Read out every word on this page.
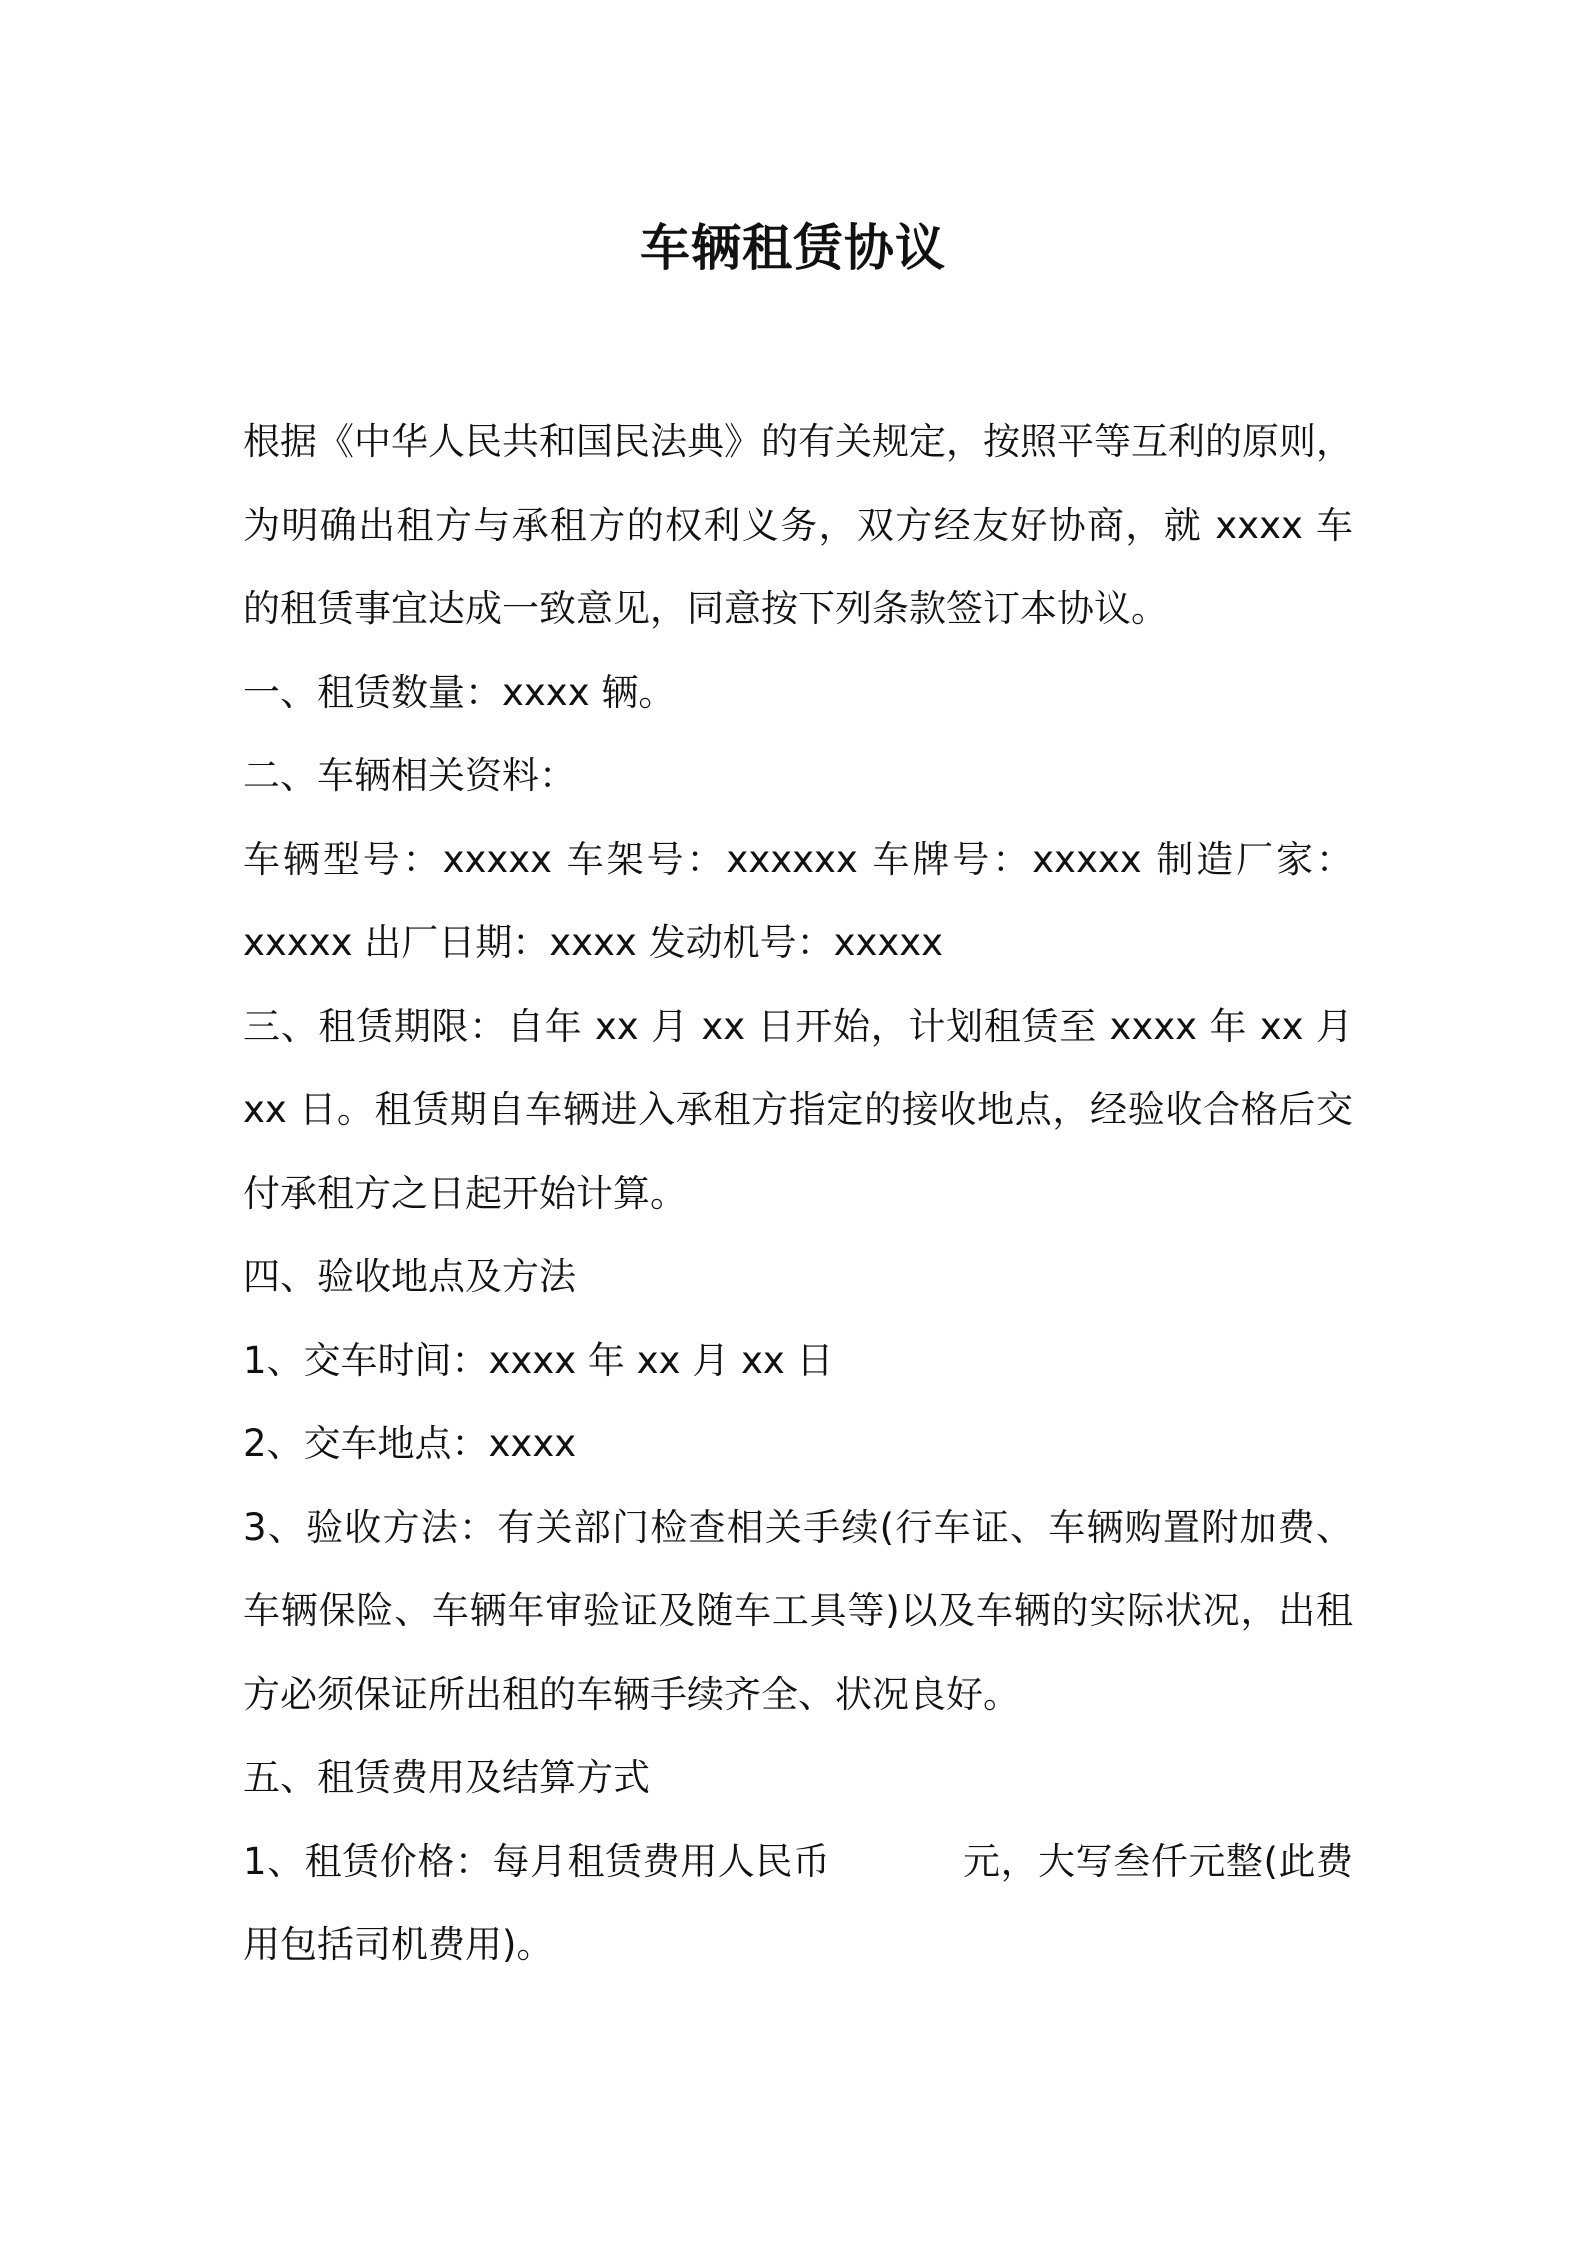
车辆租赁协议

根据《中华人民共和国民法典》的有关规定，按照平等互利的原则，为明确出租方与承租方的权利义务，双方经友好协商，就 xxxx 车的租赁事宜达成一致意见，同意按下列条款签订本协议。

一、租赁数量：xxxx 辆。

二、车辆相关资料：

车辆型号：xxxxx 车架号：xxxxxx 车牌号：xxxxx 制造厂家：xxxxx 出厂日期：xxxx 发动机号：xxxxx

三、租赁期限：自年 xx 月 xx 日开始，计划租赁至 xxxx 年 xx 月 xx 日。租赁期自车辆进入承租方指定的接收地点，经验收合格后交付承租方之日起开始计算。

四、验收地点及方法

1、交车时间：xxxx 年 xx 月 xx 日

2、交车地点：xxxx

3、验收方法：有关部门检查相关手续(行车证、车辆购置附加费、车辆保险、车辆年审验证及随车工具等)以及车辆的实际状况，出租方必须保证所出租的车辆手续齐全、状况良好。

五、租赁费用及结算方式

1、租赁价格：每月租赁费用人民币	元，大写叁仟元整(此费用包括司机费用)。
